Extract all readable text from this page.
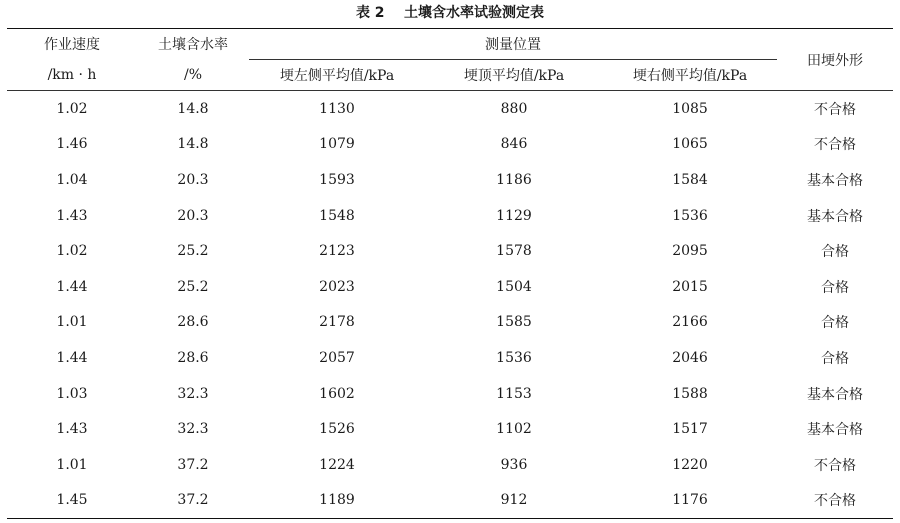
表 2    土壤含水率试验测定表
作业速度	土壤含水率	测量位置			田埂外形
/km · h	/%	埂左侧平均值/kPa	埂顶平均值/kPa	埂右侧平均值/kPa	
1.02	14.8	1130	880	1085	不合格
1.46	14.8	1079	846	1065	不合格
1.04	20.3	1593	1186	1584	基本合格
1.43	20.3	1548	1129	1536	基本合格
1.02	25.2	2123	1578	2095	合格
1.44	25.2	2023	1504	2015	合格
1.01	28.6	2178	1585	2166	合格
1.44	28.6	2057	1536	2046	合格
1.03	32.3	1602	1153	1588	基本合格
1.43	32.3	1526	1102	1517	基本合格
1.01	37.2	1224	936	1220	不合格
1.45	37.2	1189	912	1176	不合格
